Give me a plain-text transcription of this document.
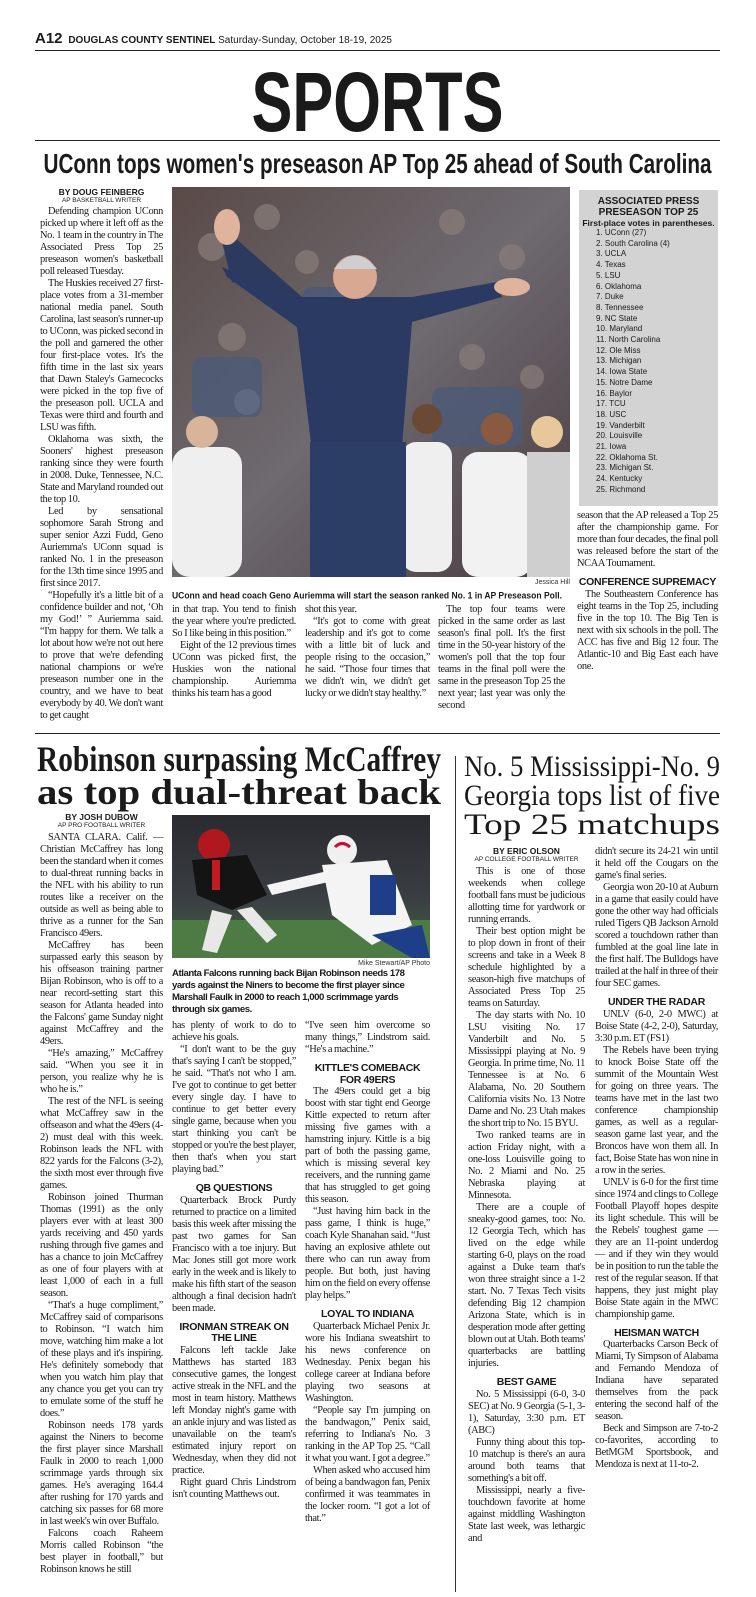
A12 DOUGLAS COUNTY SENTINEL Saturday-Sunday, October 18-19, 2025
SPORTS
UConn tops women's preseason AP Top 25 ahead of South Carolina
BY DOUG FEINBERG
AP BASKETBALL WRITER

Defending champion UConn picked up where it left off as the No. 1 team in the country in The Associated Press Top 25 preseason women's basketball poll released Tuesday.

The Huskies received 27 first-place votes from a 31-member national media panel. South Carolina, last season's runner-up to UConn, was picked second in the poll and garnered the other four first-place votes. It's the fifth time in the last six years that Dawn Staley's Gamecocks were picked in the top five of the preseason poll. UCLA and Texas were third and fourth and LSU was fifth.

Oklahoma was sixth, the Sooners' highest preseason ranking since they were fourth in 2008. Duke, Tennessee, N.C. State and Maryland rounded out the top 10.

Led by sensational sophomore Sarah Strong and super senior Azzi Fudd, Geno Auriemma's UConn squad is ranked No. 1 in the preseason for the 13th time since 1995 and first since 2017.

“Hopefully it's a little bit of a confidence builder and not, ‘Oh my God!’ ” Auriemma said. “I'm happy for them. We talk a lot about how we're not out here to prove that we're defending national champions or we're preseason number one in the country, and we have to beat everybody by 40. We don't want to get caught

Jessica Hill
UConn and head coach Geno Auriemma will start the season ranked No. 1 in AP Preseason Poll.
ASSOCIATED PRESS PRESEASON TOP 25
First-place votes in parentheses.
1. UConn (27)
2. South Carolina (4)
3. UCLA
4. Texas
5. LSU
6. Oklahoma
7. Duke
8. Tennessee
9. NC State
10. Maryland
11. North Carolina
12. Ole Miss
13. Michigan
14. Iowa State
15. Notre Dame
16. Baylor
17. TCU
18. USC
19. Vanderbilt
20. Louisville
21. Iowa
22. Oklahoma St.
23. Michigan St.
24. Kentucky
25. Richmond

in that trap. You tend to finish the year where you're predicted. So I like being in this position.”

Eight of the 12 previous times UConn was picked first, the Huskies won the national championship. Auriemma thinks his team has a good

shot this year.

“It's got to come with great leadership and it's got to come with a little bit of luck and people rising to the occasion,” he said. “Those four times that we didn't win, we didn't get lucky or we didn't stay healthy.”

The top four teams were picked in the same order as last season's final poll. It's the first time in the 50-year history of the women's poll that the top four teams in the final poll were the same in the preseason Top 25 the next year; last year was only the second

season that the AP released a Top 25 after the championship game. For more than four decades, the final poll was released before the start of the NCAA Tournament.

CONFERENCE SUPREMACY

The Southeastern Conference has eight teams in the Top 25, including five in the top 10. The Big Ten is next with six schools in the poll. The ACC has five and Big 12 four. The Atlantic-10 and Big East each have one.

Robinson surpassing McCaffrey
as top dual-threat back
BY JOSH DUBOW
AP PRO FOOTBALL WRITER

SANTA CLARA. Calif. — Christian McCaffrey has long been the standard when it comes to dual-threat running backs in the NFL with his ability to run routes like a receiver on the outside as well as being able to thrive as a runner for the San Francisco 49ers.

McCaffrey has been surpassed early this season by his offseason training partner Bijan Robinson, who is off to a near record-setting start this season for Atlanta headed into the Falcons' game Sunday night against McCaffrey and the 49ers.

“He's amazing,” McCaffrey said. “When you see it in person, you realize why he is who he is.”

The rest of the NFL is seeing what McCaffrey saw in the offseason and what the 49ers (4-2) must deal with this week. Robinson leads the NFL with 822 yards for the Falcons (3-2), the sixth most ever through five games.

Robinson joined Thurman Thomas (1991) as the only players ever with at least 300 yards receiving and 450 yards rushing through five games and has a chance to join McCaffrey as one of four players with at least 1,000 of each in a full season.

“That's a huge compliment,” McCaffrey said of comparisons to Robinson. “I watch him move, watching him make a lot of these plays and it's inspiring. He's definitely somebody that when you watch him play that any chance you get you can try to emulate some of the stuff he does.”

Robinson needs 178 yards against the Niners to become the first player since Marshall Faulk in 2000 to reach 1,000 scrimmage yards through six games. He's averaging 164.4 after rushing for 170 yards and catching six passes for 68 more in last week's win over Buffalo.

Falcons coach Raheem Morris called Robinson “the best player in football,” but Robinson knows he still

Mike Stewart/AP Photo
Atlanta Falcons running back Bijan Robinson needs 178 yards against the Niners to become the first player since Marshall Faulk in 2000 to reach 1,000 scrimmage yards through six games.

has plenty of work to do to achieve his goals.

“I don't want to be the guy that's saying I can't be stopped,” he said. “That's not who I am. I've got to continue to get better every single day. I have to continue to get better every single game, because when you start thinking you can't be stopped or you're the best player, then that's when you start playing bad.”

QB QUESTIONS

Quarterback Brock Purdy returned to practice on a limited basis this week after missing the past two games for San Francisco with a toe injury. But Mac Jones still got more work early in the week and is likely to make his fifth start of the season although a final decision hadn't been made.

IRONMAN STREAK ON THE LINE

Falcons left tackle Jake Matthews has started 183 consecutive games, the longest active streak in the NFL and the most in team history. Matthews left Monday night's game with an ankle injury and was listed as unavailable on the team's estimated injury report on Wednesday, when they did not practice.

Right guard Chris Lindstrom isn't counting Matthews out.

“I've seen him overcome so many things,” Lindstrom said. “He's a machine.”

KITTLE'S COMEBACK FOR 49ERS

The 49ers could get a big boost with star tight end George Kittle expected to return after missing five games with a hamstring injury. Kittle is a big part of both the passing game, which is missing several key receivers, and the running game that has struggled to get going this season.

“Just having him back in the pass game, I think is huge,” coach Kyle Shanahan said. “Just having an explosive athlete out there who can run away from people. But both, just having him on the field on every offense play helps.”

LOYAL TO INDIANA

Quarterback Michael Penix Jr. wore his Indiana sweatshirt to his news conference on Wednesday. Penix began his college career at Indiana before playing two seasons at Washington.

“People say I'm jumping on the bandwagon,” Penix said, referring to Indiana's No. 3 ranking in the AP Top 25. “Call it what you want. I got a degree.”

When asked who accused him of being a bandwagon fan, Penix confirmed it was teammates in the locker room. “I got a lot of that.”

No. 5 Mississippi-No. 9
Georgia tops list of five
Top 25 matchups
BY ERIC OLSON
AP COLLEGE FOOTBALL WRITER

This is one of those weekends when college football fans must be judicious allotting time for yardwork or running errands.

Their best option might be to plop down in front of their screens and take in a Week 8 schedule highlighted by a season-high five matchups of Associated Press Top 25 teams on Saturday.

The day starts with No. 10 LSU visiting No. 17 Vanderbilt and No. 5 Mississippi playing at No. 9 Georgia. In prime time, No. 11 Tennessee is at No. 6 Alabama, No. 20 Southern California visits No. 13 Notre Dame and No. 23 Utah makes the short trip to No. 15 BYU.

Two ranked teams are in action Friday night, with a one-loss Louisville going to No. 2 Miami and No. 25 Nebraska playing at Minnesota.

There are a couple of sneaky-good games, too: No. 12 Georgia Tech, which has lived on the edge while starting 6-0, plays on the road against a Duke team that's won three straight since a 1-2 start. No. 7 Texas Tech visits defending Big 12 champion Arizona State, which is in desperation mode after getting blown out at Utah. Both teams' quarterbacks are battling injuries.

BEST GAME

No. 5 Mississippi (6-0, 3-0 SEC) at No. 9 Georgia (5-1, 3-1), Saturday, 3:30 p.m. ET (ABC)

Funny thing about this top-10 matchup is there's an aura around both teams that something's a bit off.

Mississippi, nearly a five-touchdown favorite at home against middling Washington State last week, was lethargic and

didn't secure its 24-21 win until it held off the Cougars on the game's final series.

Georgia won 20-10 at Auburn in a game that easily could have gone the other way had officials ruled Tigers QB Jackson Arnold scored a touchdown rather than fumbled at the goal line late in the first half. The Bulldogs have trailed at the half in three of their four SEC games.

UNDER THE RADAR

UNLV (6-0, 2-0 MWC) at Boise State (4-2, 2-0), Saturday, 3:30 p.m. ET (FS1)

The Rebels have been trying to knock Boise State off the summit of the Mountain West for going on three years. The teams have met in the last two conference championship games, as well as a regular-season game last year, and the Broncos have won them all. In fact, Boise State has won nine in a row in the series.

UNLV is 6-0 for the first time since 1974 and clings to College Football Playoff hopes despite its light schedule. This will be the Rebels' toughest game — they are an 11-point underdog — and if they win they would be in position to run the table the rest of the regular season. If that happens, they just might play Boise State again in the MWC championship game.

HEISMAN WATCH

Quarterbacks Carson Beck of Miami, Ty Simpson of Alabama and Fernando Mendoza of Indiana have separated themselves from the pack entering the second half of the season.

Beck and Simpson are 7-to-2 co-favorites, according to BetMGM Sportsbook, and Mendoza is next at 11-to-2.
